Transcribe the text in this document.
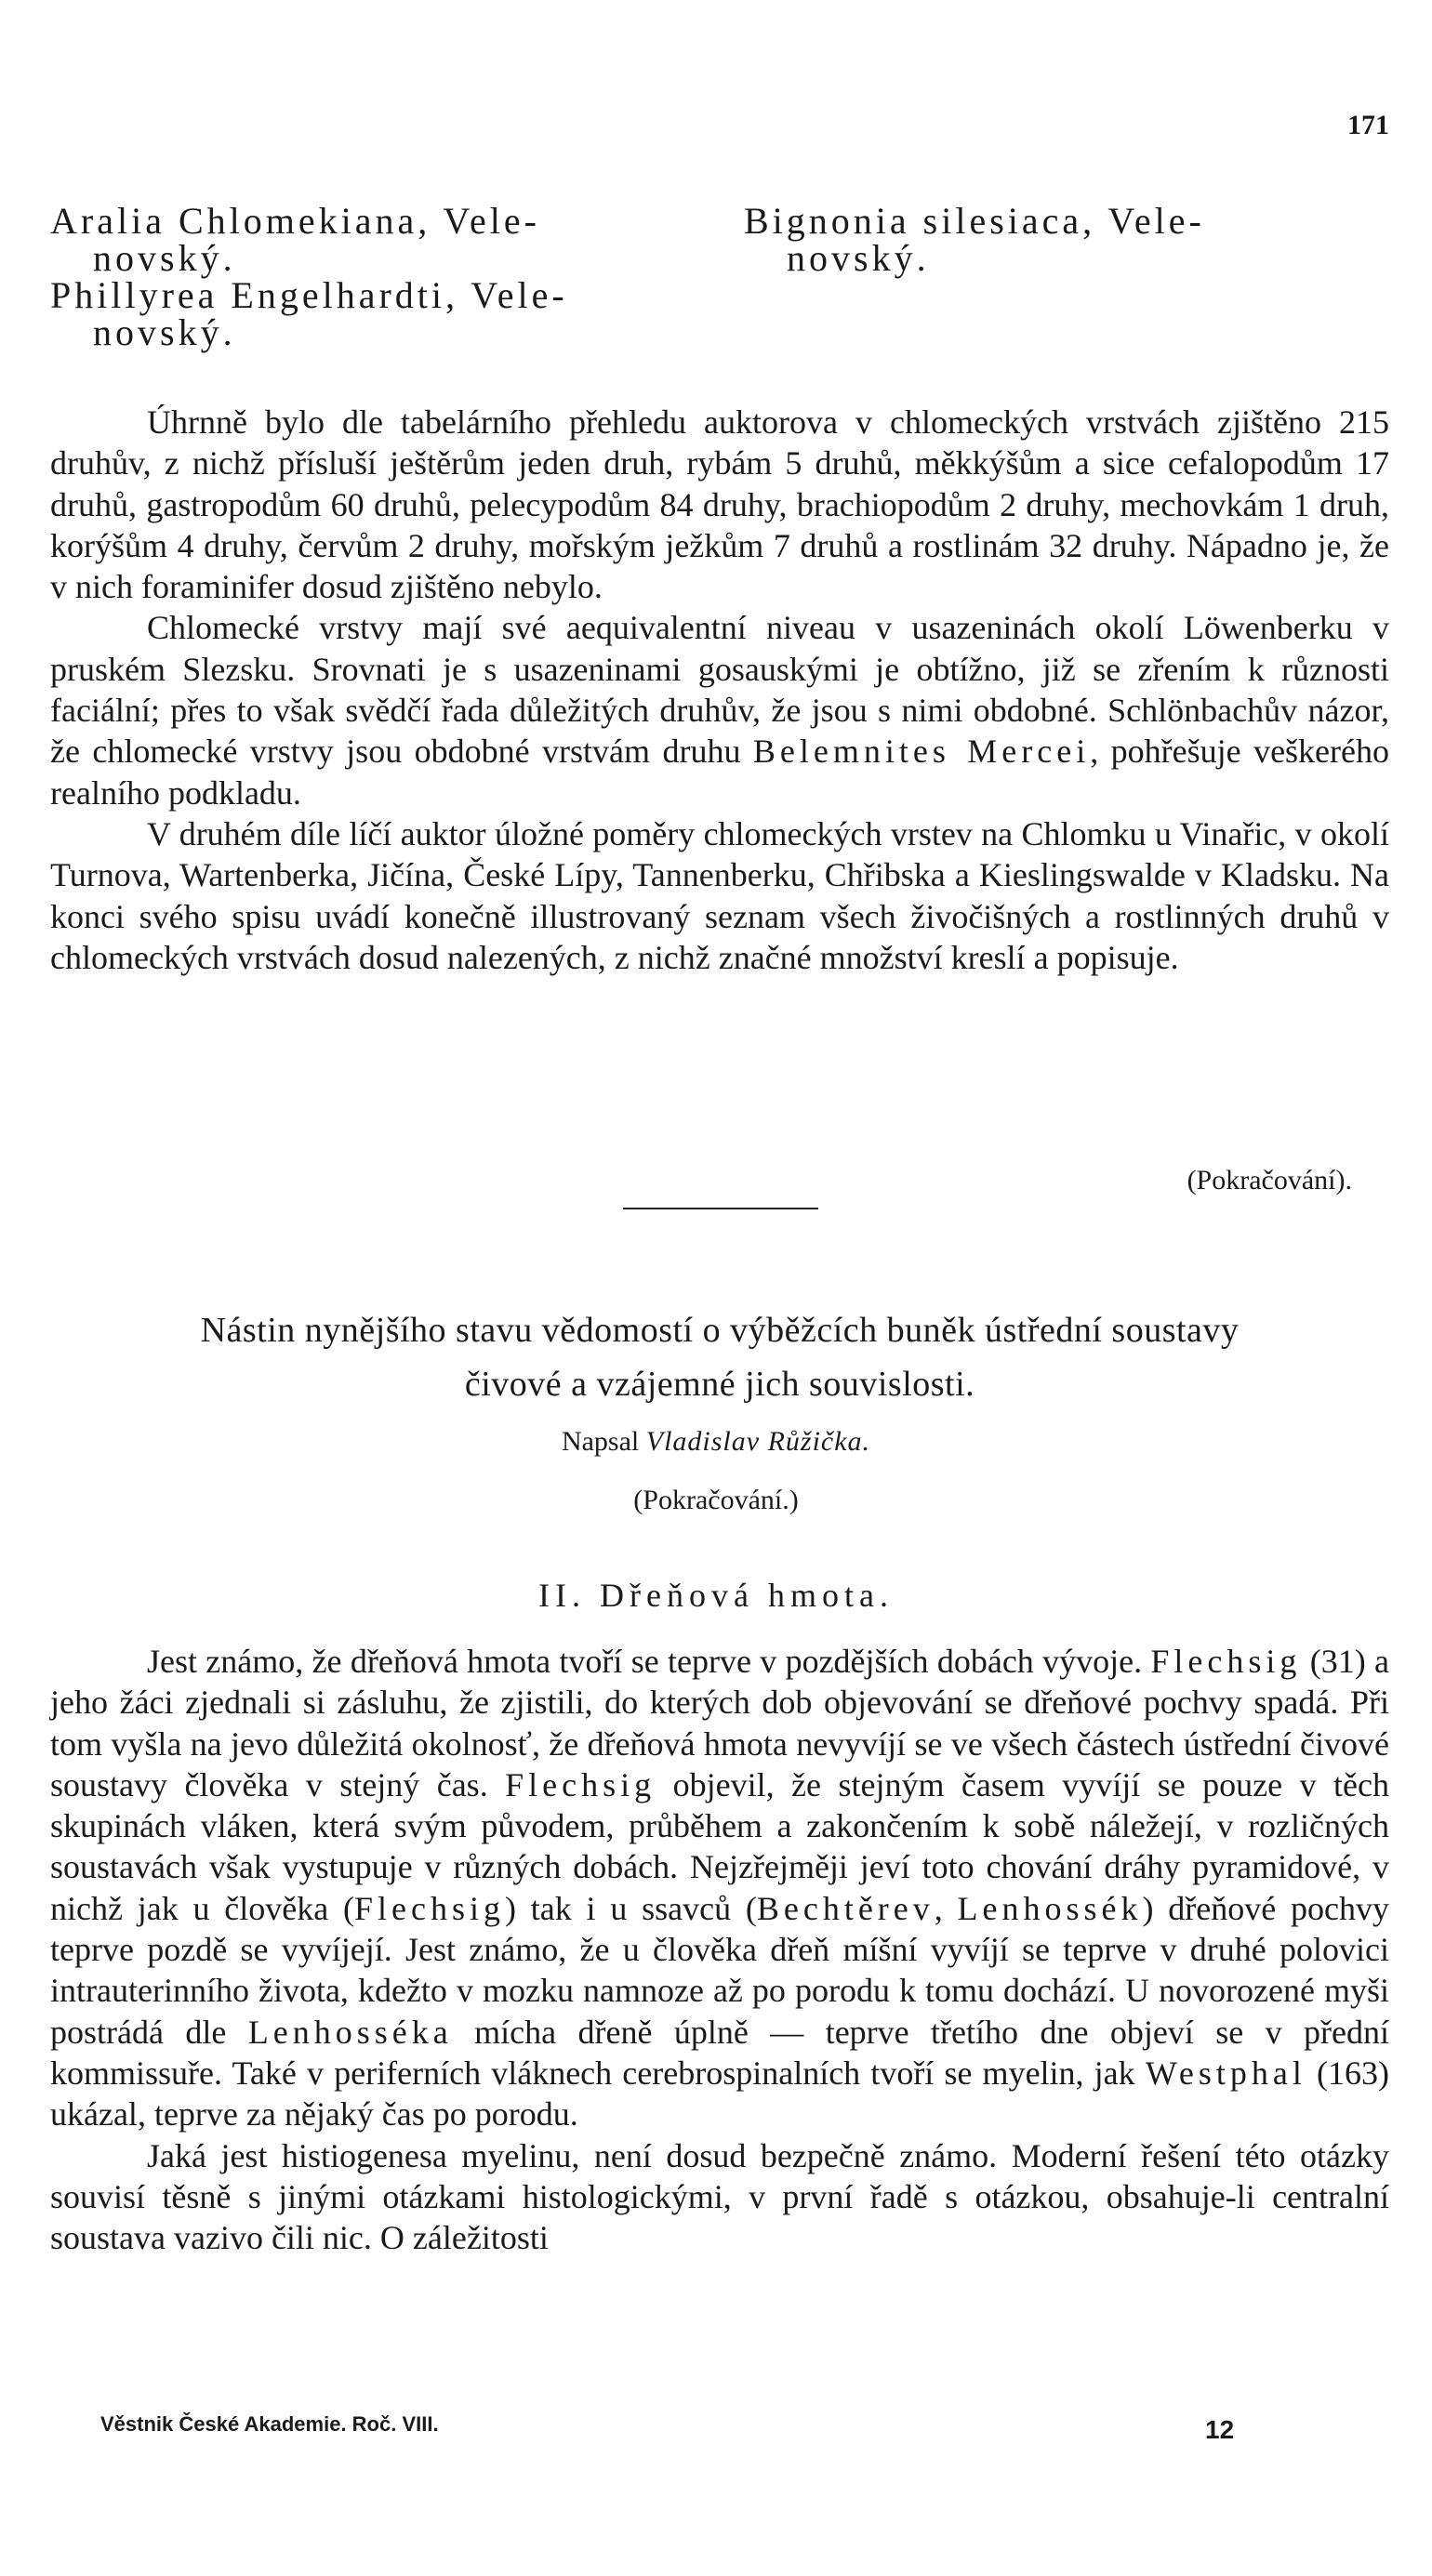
171
Aralia Chlomekiana, Vele-
novský.
Phillyrea Engelhardti, Vele-
novský.
Bignonia silesiaca, Vele-
novský.

Úhrnně bylo dle tabelárního přehledu auktorova v chlomeckých vrstvách zjištěno 215 druhův, z nichž přísluší ještěrům jeden druh, rybám 5 druhů, měkkýšům a sice cefalopodům 17 druhů, gastropodům 60 druhů, pelecypodům 84 druhy, brachiopodům 2 druhy, mechovkám 1 druh, korýšům 4 druhy, červům 2 druhy, mořským ježkům 7 druhů a rostlinám 32 druhy. Nápadno je, že v nich foraminifer dosud zjištěno nebylo.

Chlomecké vrstvy mají své aequivalentní niveau v usazeninách okolí Löwenberku v pruském Slezsku. Srovnati je s usazeninami gosauskými je obtížno, již se zřením k různosti faciální; přes to však svědčí řada důležitých druhův, že jsou s nimi obdobné. Schlönbachův názor, že chlomecké vrstvy jsou obdobné vrstvám druhu Belemnites Mercei, pohřešuje veškerého realního podkladu.

V druhém díle líčí auktor úložné poměry chlomeckých vrstev na Chlomku u Vinařic, v okolí Turnova, Wartenberka, Jičína, České Lípy, Tannenberku, Chřibska a Kieslingswalde v Kladsku. Na konci svého spisu uvádí konečně illustrovaný seznam všech živočišných a rostlinných druhů v chlomeckých vrstvách dosud nalezených, z nichž značné množství kreslí a popisuje.

(Pokračování).
Nástin nynějšího stavu vědomostí o výběžcích buněk ústřední soustavy
čivové a vzájemné jich souvislosti.
Napsal Vladislav Růžička.
(Pokračování.)
II. Dřeňová hmota.

Jest známo, že dřeňová hmota tvoří se teprve v pozdějších dobách vývoje. Flechsig (31) a jeho žáci zjednali si zásluhu, že zjistili, do kterých dob objevování se dřeňové pochvy spadá. Při tom vyšla na jevo důležitá okolnosť, že dřeňová hmota nevyvíjí se ve všech částech ústřední čivové soustavy člověka v stejný čas. Flechsig objevil, že stejným časem vyvíjí se pouze v těch skupinách vláken, která svým původem, průběhem a zakončením k sobě náležejí, v rozličných soustavách však vystupuje v různých dobách. Nejzřejměji jeví toto chování dráhy pyramidové, v nichž jak u člověka (Flechsig) tak i u ssavců (Bechtěrev, Lenhossék) dřeňové pochvy teprve pozdě se vyvíjejí. Jest známo, že u člověka dřeň míšní vyvíjí se teprve v druhé polovici intrauterinního života, kdežto v mozku namnoze až po porodu k tomu dochází. U novorozené myši postrádá dle Lenhosséka mícha dřeně úplně — teprve třetího dne objeví se v přední kommissuře. Také v periferních vláknech cerebrospinalních tvoří se myelin, jak Westphal (163) ukázal, teprve za nějaký čas po porodu.

Jaká jest histiogenesa myelinu, není dosud bezpečně známo. Moderní řešení této otázky souvisí těsně s jinými otázkami histologickými, v první řadě s otázkou, obsahuje-li centralní soustava vazivo čili nic. O záležitosti

Věstnik České Akademie. Roč. VIII.	12
